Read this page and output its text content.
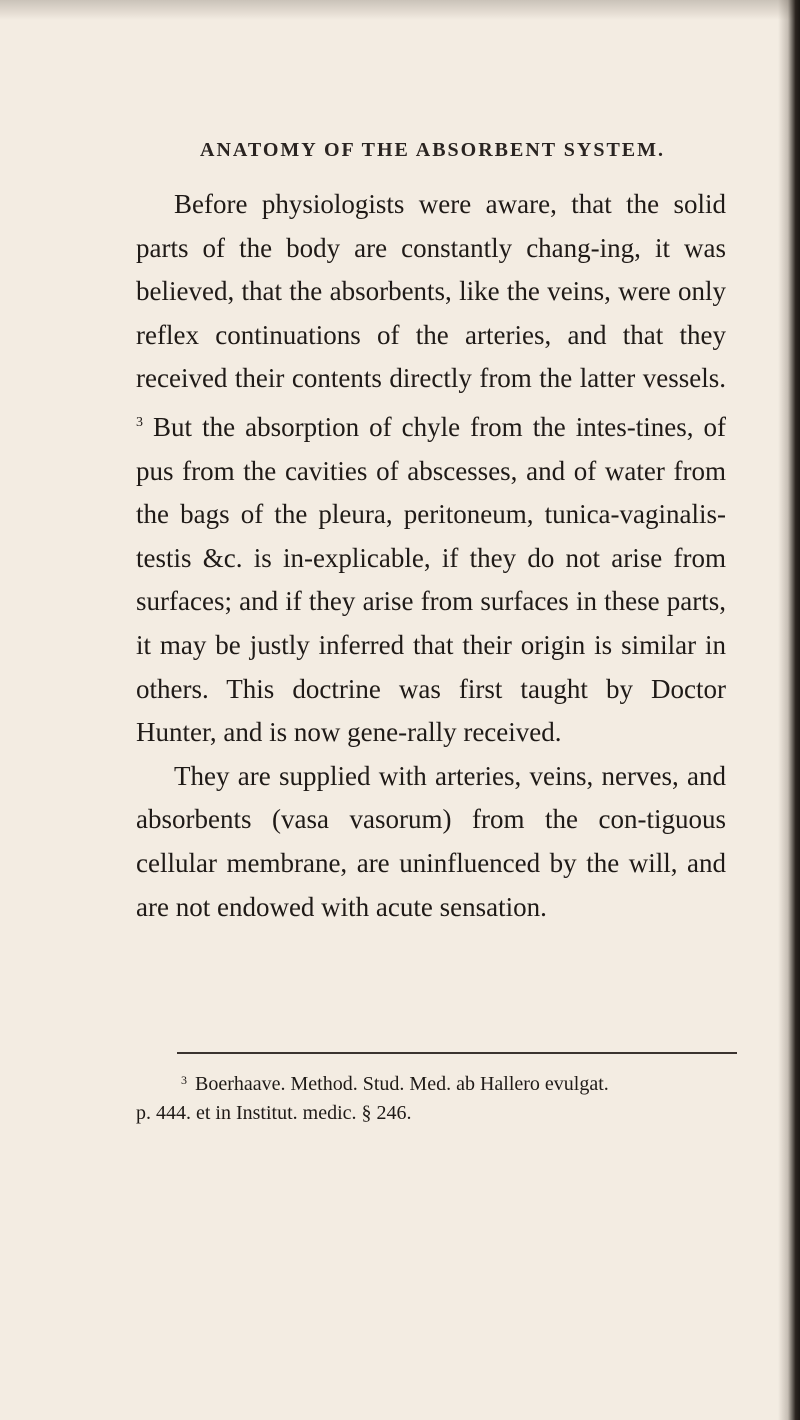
ANATOMY OF THE ABSORBENT SYSTEM.

Before physiologists were aware, that the solid parts of the body are constantly chang-ing, it was believed, that the absorbents, like the veins, were only reflex continuations of the arteries, and that they received their contents directly from the latter vessels. $^3$ But the absorption of chyle from the intes-tines, of pus from the cavities of abscesses, and of water from the bags of the pleura, peritoneum, tunica-vaginalis-testis &c. is in-explicable, if they do not arise from surfaces; and if they arise from surfaces in these parts, it may be justly inferred that their origin is similar in others. This doctrine was first taught by Doctor Hunter, and is now gene-rally received.

They are supplied with arteries, veins, nerves, and absorbents (vasa vasorum) from the con-tiguous cellular membrane, are uninfluenced by the will, and are not endowed with acute sensation.

$^3$ Boerhaave. Method. Stud. Med. ab Hallero evulgat.
p. 444. et in Institut. medic. § 246.
